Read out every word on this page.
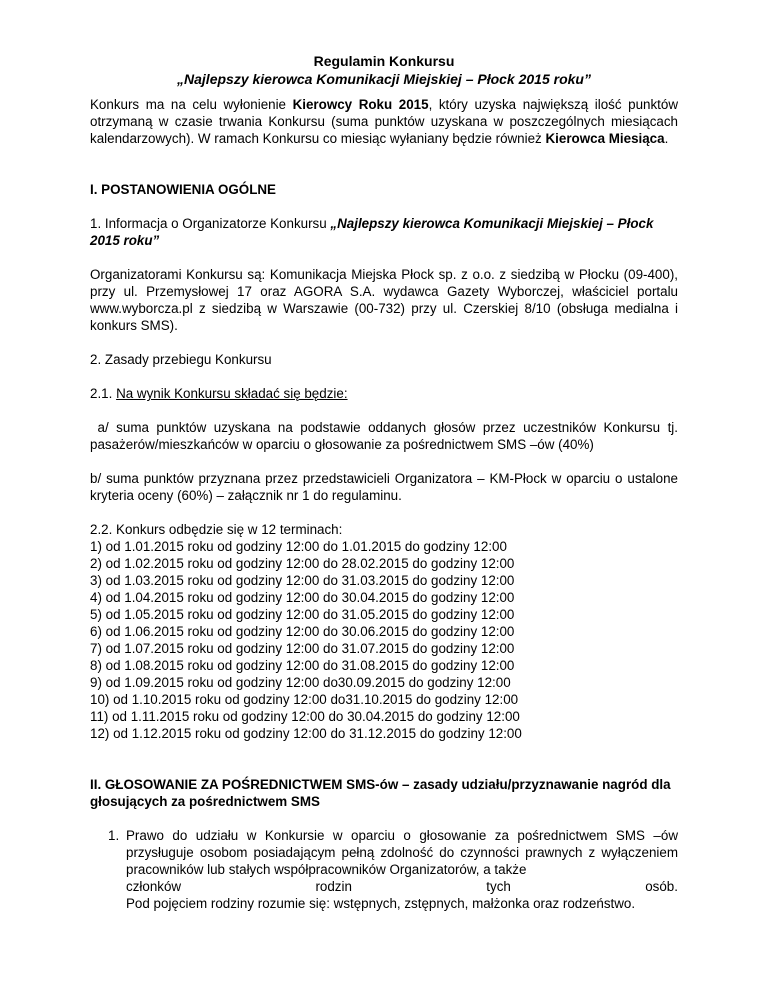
Regulamin Konkursu
„Najlepszy kierowca Komunikacji Miejskiej – Płock 2015 roku”

Konkurs ma na celu wyłonienie Kierowcy Roku 2015, który uzyska największą ilość punktów otrzymaną w czasie trwania Konkursu (suma punktów uzyskana w poszczególnych miesiącach kalendarzowych). W ramach Konkursu co miesiąc wyłaniany będzie również Kierowca Miesiąca.

I. POSTANOWIENIA OGÓLNE

1. Informacja o Organizatorze Konkursu „Najlepszy kierowca Komunikacji Miejskiej – Płock 2015 roku”

Organizatorami Konkursu są: Komunikacja Miejska Płock sp. z o.o. z siedzibą w Płocku (09-400), przy ul. Przemysłowej 17 oraz AGORA S.A. wydawca Gazety Wyborczej, właściciel portalu www.wyborcza.pl z siedzibą w Warszawie (00-732) przy ul. Czerskiej 8/10 (obsługa medialna i konkurs SMS).

2. Zasady przebiegu Konkursu

2.1. Na wynik Konkursu składać się będzie:

a/ suma punktów uzyskana na podstawie oddanych głosów przez uczestników Konkursu tj. pasażerów/mieszkańców w oparciu o głosowanie za pośrednictwem SMS –ów (40%)

b/ suma punktów przyznana przez przedstawicieli Organizatora – KM-Płock w oparciu o ustalone kryteria oceny (60%) – załącznik nr 1 do regulaminu.

2.2. Konkurs odbędzie się w 12 terminach:

1) od 1.01.2015 roku od godziny 12:00 do 1.01.2015 do godziny 12:00
2) od 1.02.2015 roku od godziny 12:00 do 28.02.2015 do godziny 12:00
3) od 1.03.2015 roku od godziny 12:00 do 31.03.2015 do godziny 12:00
4) od 1.04.2015 roku od godziny 12:00 do 30.04.2015 do godziny 12:00
5) od 1.05.2015 roku od godziny 12:00 do 31.05.2015 do godziny 12:00
6) od 1.06.2015 roku od godziny 12:00 do 30.06.2015 do godziny 12:00
7) od 1.07.2015 roku od godziny 12:00 do 31.07.2015 do godziny 12:00
8) od 1.08.2015 roku od godziny 12:00 do 31.08.2015 do godziny 12:00
9) od 1.09.2015 roku od godziny 12:00 do30.09.2015 do godziny 12:00
10) od 1.10.2015 roku od godziny 12:00 do31.10.2015 do godziny 12:00
11) od 1.11.2015 roku od godziny 12:00 do 30.04.2015 do godziny 12:00
12) od 1.12.2015 roku od godziny 12:00 do 31.12.2015 do godziny 12:00

II. GŁOSOWANIE ZA POŚREDNICTWEM SMS-ów – zasady udziału/przyznawanie nagród dla głosujących za pośrednictwem SMS

1. Prawo do udziału w Konkursie w oparciu o głosowanie za pośrednictwem SMS –ów przysługuje osobom posiadającym pełną zdolność do czynności prawnych z wyłączeniem pracowników lub stałych współpracowników Organizatorów, a także
członków	rodzin	tych	osób.
Pod pojęciem rodziny rozumie się: wstępnych, zstępnych, małżonka oraz rodzeństwo.
